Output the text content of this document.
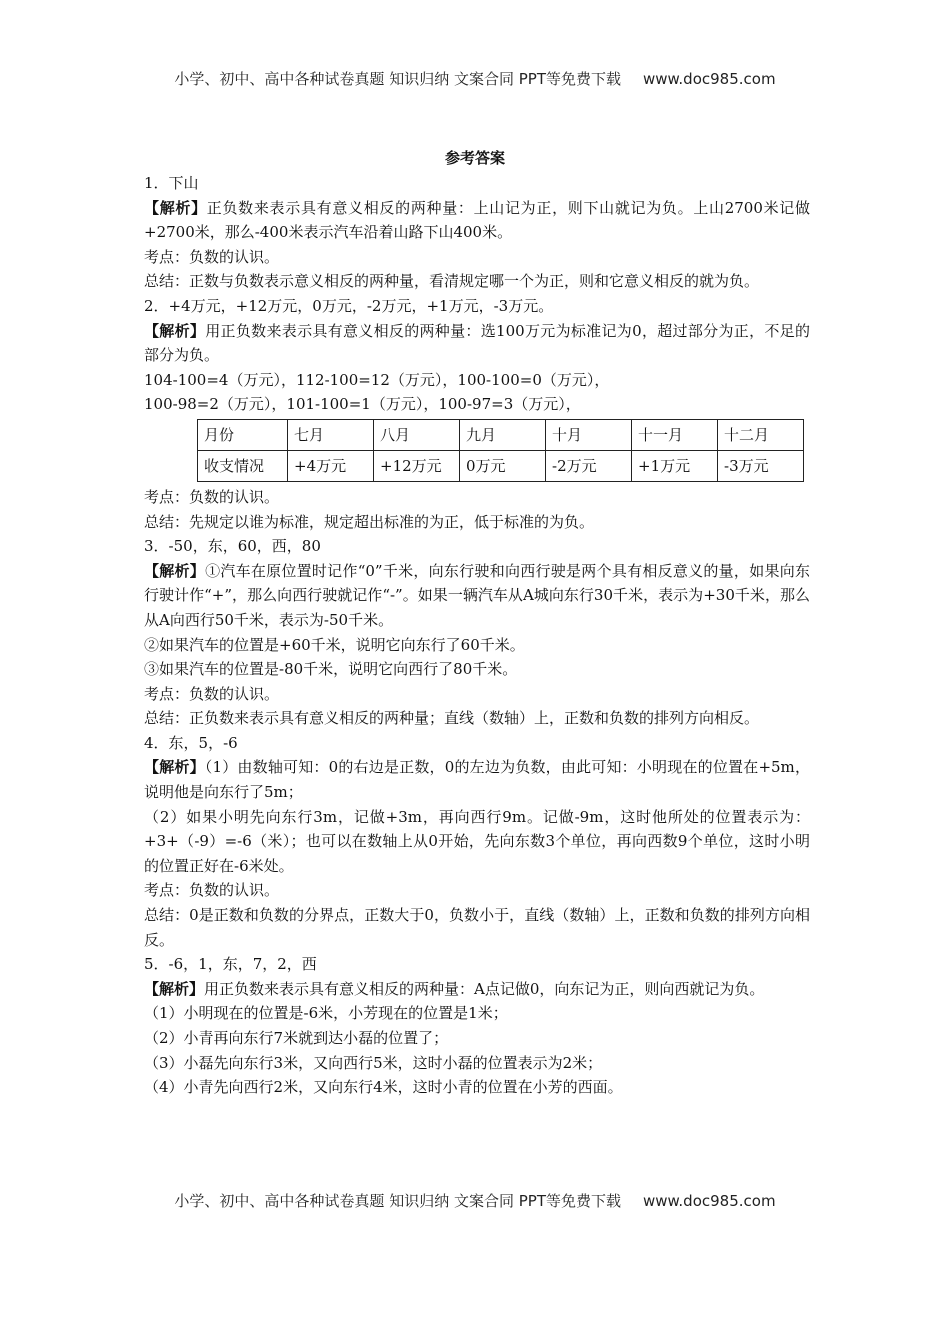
小学、初中、高中各种试卷真题 知识归纳 文案合同 PPT等免费下载 www.doc985.com
参考答案

1．下山

【解析】正负数来表示具有意义相反的两种量：上山记为正，则下山就记为负。上山2700米记做+2700米，那么-400米表示汽车沿着山路下山400米。

考点：负数的认识。

总结：正数与负数表示意义相反的两种量，看清规定哪一个为正，则和它意义相反的就为负。

2．+4万元，+12万元，0万元，-2万元，+1万元，-3万元。

【解析】用正负数来表示具有意义相反的两种量：选100万元为标准记为0，超过部分为正，不足的部分为负。

104-100=4（万元），112-100=12（万元），100-100=0（万元），

100-98=2（万元），101-100=1（万元），100-97=3（万元），

月份	七月	八月	九月	十月	十一月	十二月
收支情况	+4万元	+12万元	0万元	-2万元	+1万元	-3万元

考点：负数的认识。

总结：先规定以谁为标准，规定超出标准的为正，低于标准的为负。

3．-50，东，60，西，80

【解析】①汽车在原位置时记作“0”千米，向东行驶和向西行驶是两个具有相反意义的量，如果向东行驶计作“+”，那么向西行驶就记作“-”。如果一辆汽车从A城向东行30千米，表示为+30千米，那么从A向西行50千米，表示为-50千米。

②如果汽车的位置是+60千米，说明它向东行了60千米。

③如果汽车的位置是-80千米，说明它向西行了80千米。

考点：负数的认识。

总结：正负数来表示具有意义相反的两种量；直线（数轴）上，正数和负数的排列方向相反。

4．东，5，-6

【解析】（1）由数轴可知：0的右边是正数，0的左边为负数，由此可知：小明现在的位置在+5m，说明他是向东行了5m；

（2）如果小明先向东行3m，记做+3m，再向西行9m。记做-9m，这时他所处的位置表示为：+3+（-9）=-6（米）；也可以在数轴上从0开始，先向东数3个单位，再向西数9个单位，这时小明的位置正好在-6米处。

考点：负数的认识。

总结：0是正数和负数的分界点，正数大于0，负数小于，直线（数轴）上，正数和负数的排列方向相反。

5．-6，1，东，7，2，西

【解析】用正负数来表示具有意义相反的两种量：A点记做0，向东记为正，则向西就记为负。

（1）小明现在的位置是-6米，小芳现在的位置是1米；

（2）小青再向东行7米就到达小磊的位置了；

（3）小磊先向东行3米，又向西行5米，这时小磊的位置表示为2米；

（4）小青先向西行2米，又向东行4米，这时小青的位置在小芳的西面。

小学、初中、高中各种试卷真题 知识归纳 文案合同 PPT等免费下载 www.doc985.com
